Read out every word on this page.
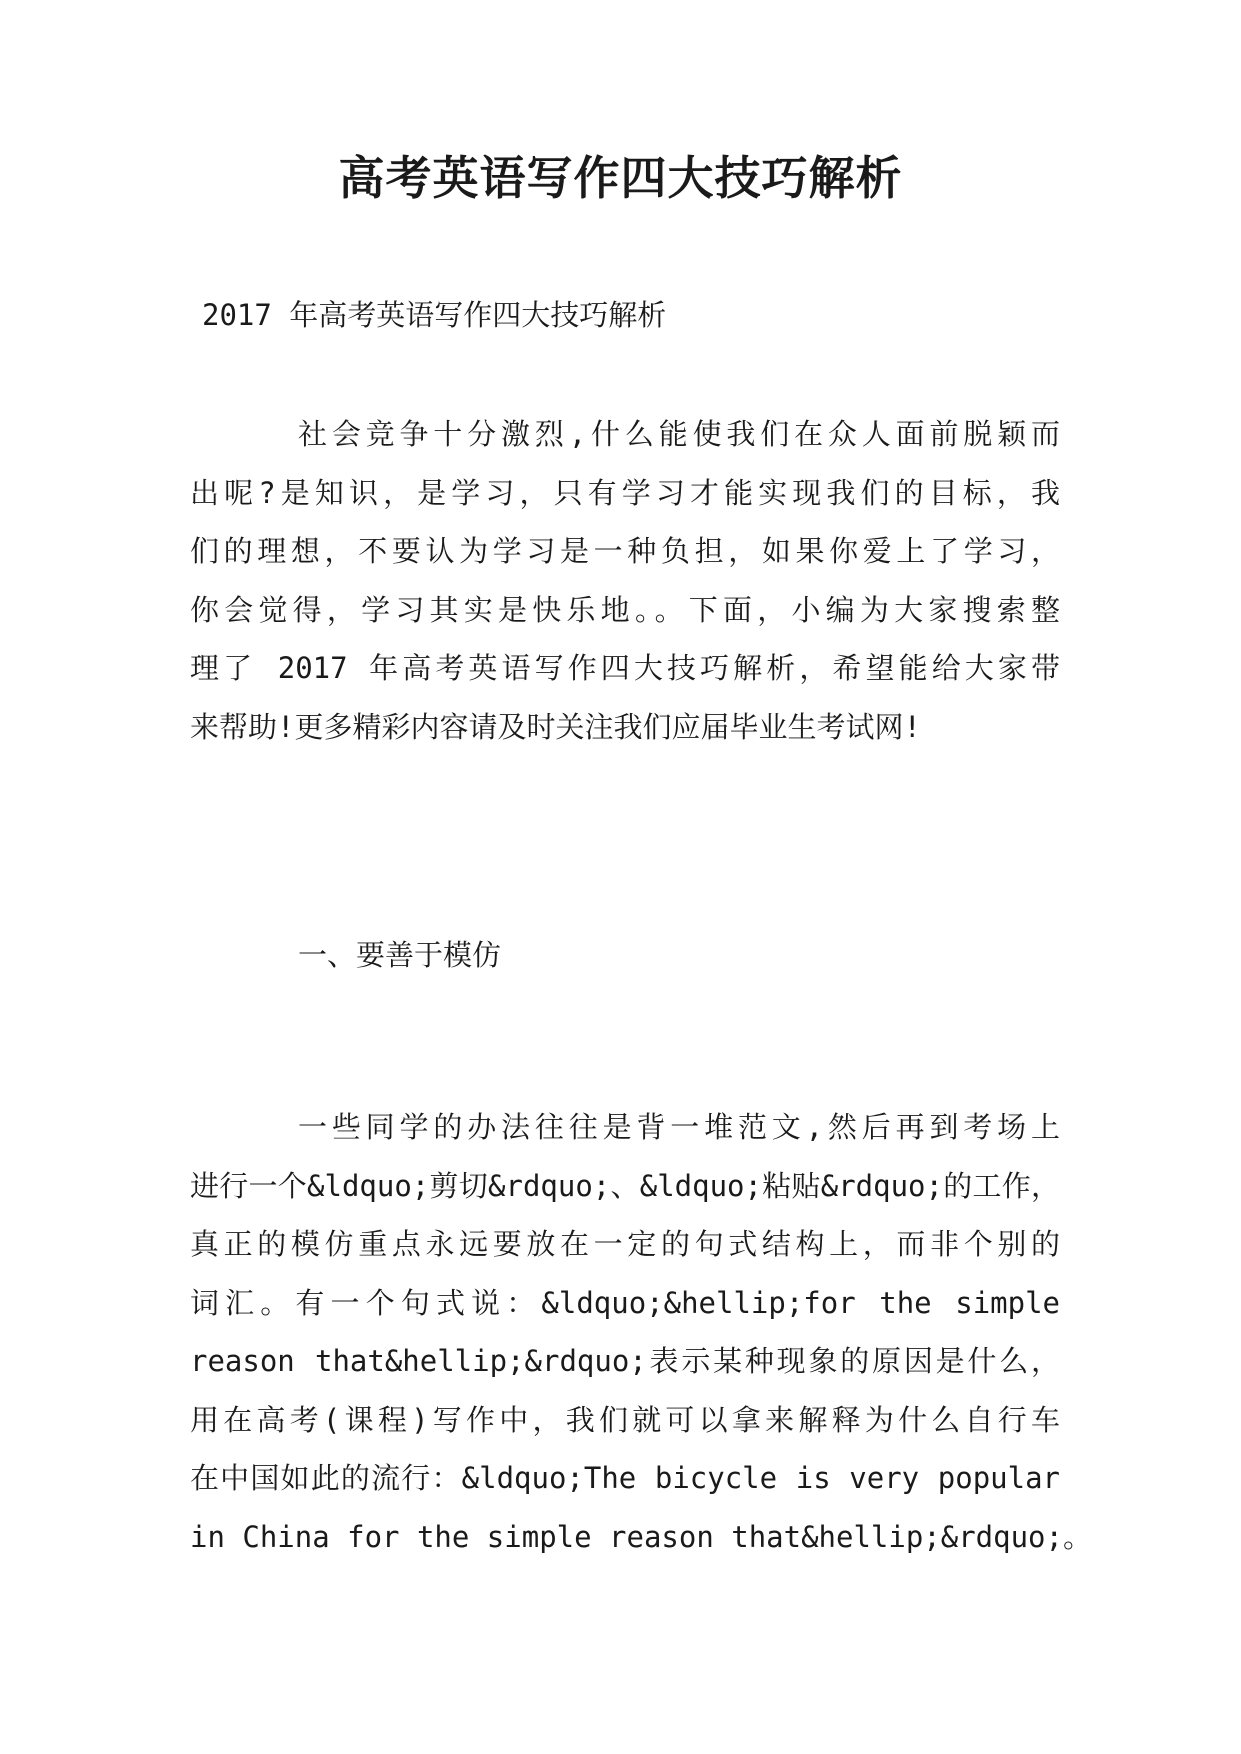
高考英语写作四大技巧解析
2017 年高考英语写作四大技巧解析
社会竞争十分激烈,什么能使我们在众人面前脱颖而
出呢?是知识，是学习，只有学习才能实现我们的目标，我
们的理想，不要认为学习是一种负担，如果你爱上了学习，
你会觉得，学习其实是快乐地。。下面，小编为大家搜索整
理了 2017 年高考英语写作四大技巧解析，希望能给大家带
来帮助!更多精彩内容请及时关注我们应届毕业生考试网!
一、要善于模仿
一些同学的办法往往是背一堆范文,然后再到考场上
进行一个&ldquo;剪切&rdquo;、&ldquo;粘贴&rdquo;的工作，
真正的模仿重点永远要放在一定的句式结构上，而非个别的
词汇。有一个句式说：&ldquo;&hellip;for the simple
reason that&hellip;&rdquo;表示某种现象的原因是什么，
用在高考(课程)写作中，我们就可以拿来解释为什么自行车
在中国如此的流行：&ldquo;The bicycle is very popular
in China for the simple reason that&hellip;&rdquo;。
